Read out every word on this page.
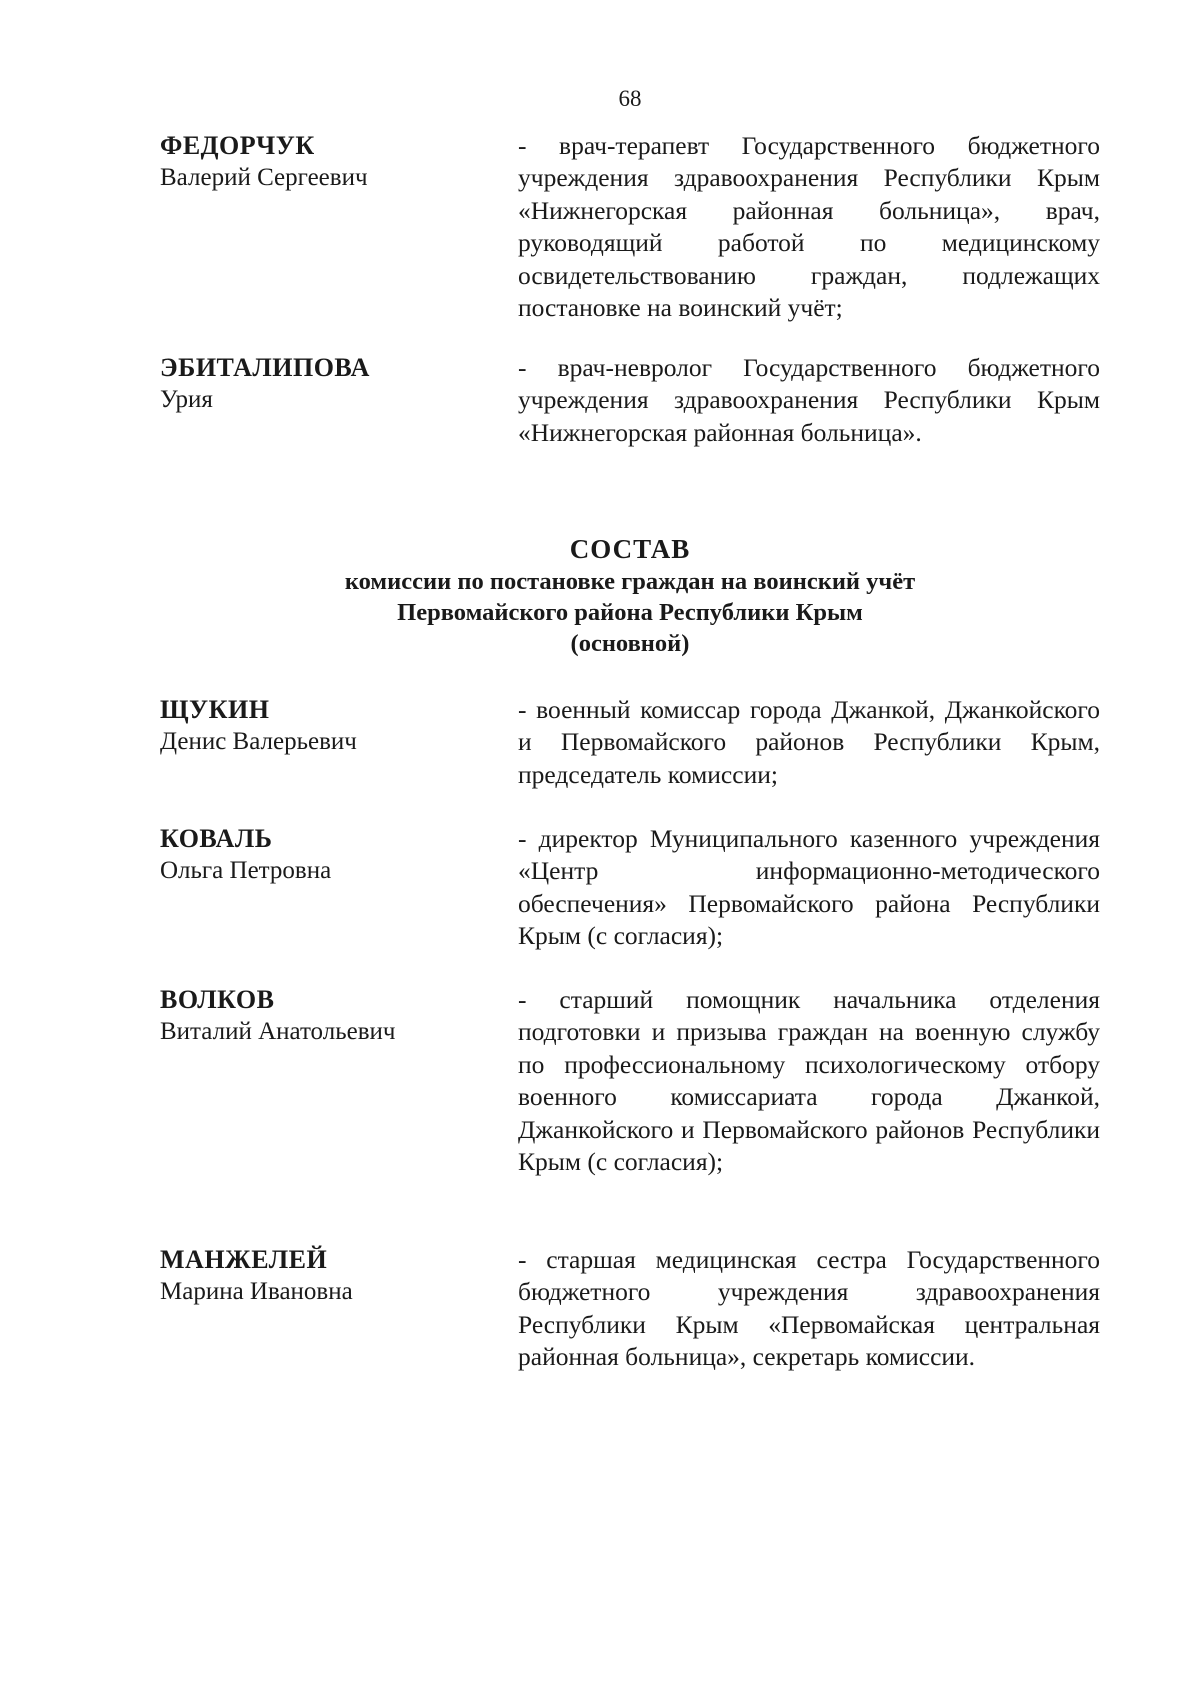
68
ФЕДОРЧУК
Валерий Сергеевич
- врач-терапевт Государственного бюджетного учреждения здравоохранения Республики Крым «Нижнегорская районная больница», врач, руководящий работой по медицинскому освидетельствованию граждан, подлежащих постановке на воинский учёт;
ЭБИТАЛИПОВА
Урия
- врач-невролог Государственного бюджетного учреждения здравоохранения Республики Крым «Нижнегорская районная больница».
СОСТАВ
комиссии по постановке граждан на воинский учёт
Первомайского района Республики Крым
(основной)
ЩУКИН
Денис Валерьевич
- военный комиссар города Джанкой, Джанкойского и Первомайского районов Республики Крым, председатель комиссии;
КОВАЛЬ
Ольга Петровна
- директор Муниципального казенного учреждения «Центр информационно-методического обеспечения» Первомайского района Республики Крым (с согласия);
ВОЛКОВ
Виталий Анатольевич
- старший помощник начальника отделения подготовки и призыва граждан на военную службу по профессиональному психологическому отбору военного комиссариата города Джанкой, Джанкойского и Первомайского районов Республики Крым (с согласия);
МАНЖЕЛЕЙ
Марина Ивановна
- старшая медицинская сестра Государственного бюджетного учреждения здравоохранения Республики Крым «Первомайская центральная районная больница», секретарь комиссии.
